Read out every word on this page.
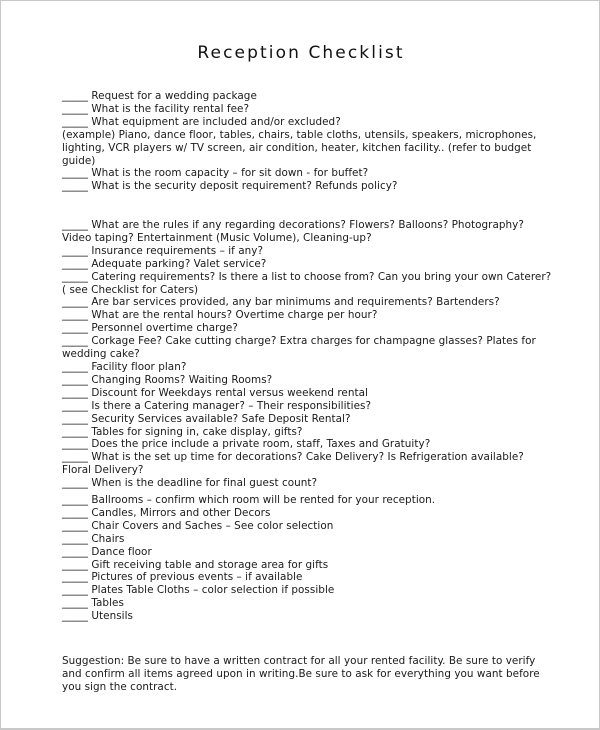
Reception Checklist
_____ Request for a wedding package
_____ What is the facility rental fee?
_____ What equipment are included and/or excluded?
(example) Piano, dance floor, tables, chairs, table cloths, utensils, speakers, microphones, lighting, VCR players w/ TV screen, air condition, heater, kitchen facility.. (refer to budget guide)
_____ What is the room capacity – for sit down - for buffet?
_____ What is the security deposit requirement? Refunds policy?
_____ What are the rules if any regarding decorations? Flowers? Balloons? Photography? Video taping? Entertainment (Music Volume), Cleaning-up?
_____ Insurance requirements – if any?
_____ Adequate parking? Valet service?
_____ Catering requirements? Is there a list to choose from? Can you bring your own Caterer? ( see Checklist for Caters)
_____ Are bar services provided, any bar minimums and requirements? Bartenders?
_____ What are the rental hours? Overtime charge per hour?
_____ Personnel overtime charge?
_____ Corkage Fee? Cake cutting charge? Extra charges for champagne glasses? Plates for wedding cake?
_____ Facility floor plan?
_____ Changing Rooms? Waiting Rooms?
_____ Discount for Weekdays rental versus weekend rental
_____ Is there a Catering manager? – Their responsibilities?
_____ Security Services available? Safe Deposit Rental?
_____ Tables for signing in, cake display, gifts?
_____ Does the price include a private room, staff, Taxes and Gratuity?
_____ What is the set up time for decorations? Cake Delivery? Is Refrigeration available? Floral Delivery?
_____ When is the deadline for final guest count?
_____ Ballrooms – confirm which room will be rented for your reception.
_____ Candles, Mirrors and other Decors
_____ Chair Covers and Saches – See color selection
_____ Chairs
_____ Dance floor
_____ Gift receiving table and storage area for gifts
_____ Pictures of previous events – if available
_____ Plates Table Cloths – color selection if possible
_____ Tables
_____ Utensils

Suggestion: Be sure to have a written contract for all your rented facility. Be sure to verify and confirm all items agreed upon in writing.Be sure to ask for everything you want before you sign the contract.
